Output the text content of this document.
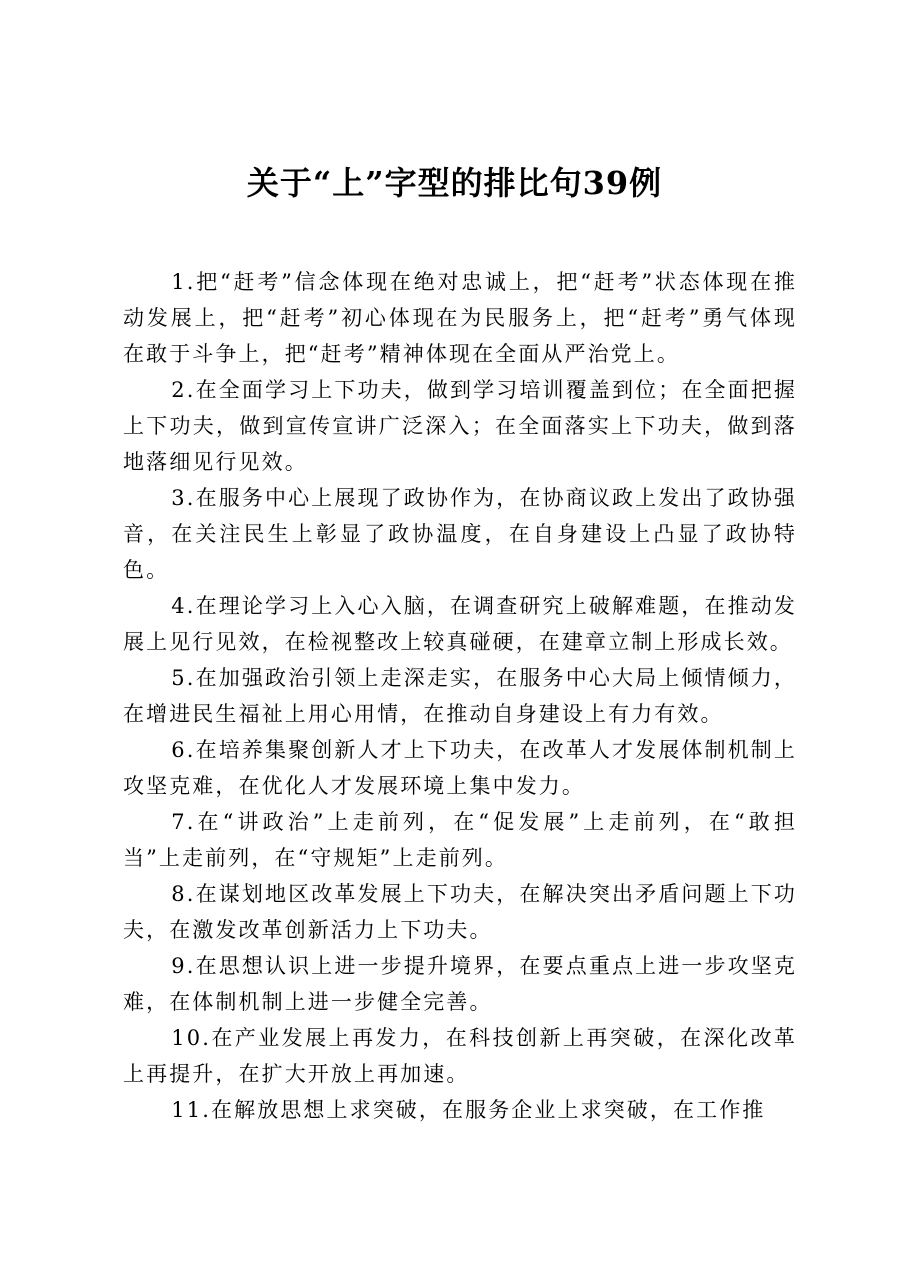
关于“上”字型的排比句39例

1.把“赶考”信念体现在绝对忠诚上，把“赶考”状态体现在推动发展上，把“赶考”初心体现在为民服务上，把“赶考”勇气体现在敢于斗争上，把“赶考”精神体现在全面从严治党上。

2.在全面学习上下功夫，做到学习培训覆盖到位；在全面把握上下功夫，做到宣传宣讲广泛深入；在全面落实上下功夫，做到落地落细见行见效。

3.在服务中心上展现了政协作为，在协商议政上发出了政协强音，在关注民生上彰显了政协温度，在自身建设上凸显了政协特色。

4.在理论学习上入心入脑，在调查研究上破解难题，在推动发展上见行见效，在检视整改上较真碰硬，在建章立制上形成长效。

5.在加强政治引领上走深走实，在服务中心大局上倾情倾力，在增进民生福祉上用心用情，在推动自身建设上有力有效。

6.在培养集聚创新人才上下功夫，在改革人才发展体制机制上攻坚克难，在优化人才发展环境上集中发力。

7.在“讲政治”上走前列，在“促发展”上走前列，在“敢担当”上走前列，在“守规矩”上走前列。

8.在谋划地区改革发展上下功夫，在解决突出矛盾问题上下功夫，在激发改革创新活力上下功夫。

9.在思想认识上进一步提升境界，在要点重点上进一步攻坚克难，在体制机制上进一步健全完善。

10.在产业发展上再发力，在科技创新上再突破，在深化改革上再提升，在扩大开放上再加速。

11.在解放思想上求突破，在服务企业上求突破，在工作推
